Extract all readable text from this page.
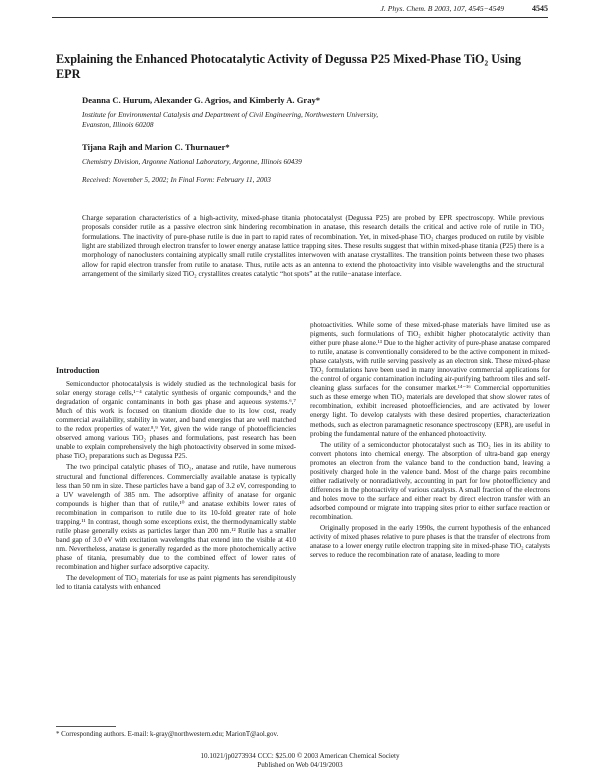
J. Phys. Chem. B 2003, 107, 4545−4549	4545
Explaining the Enhanced Photocatalytic Activity of Degussa P25 Mixed-Phase TiO₂ Using EPR
Deanna C. Hurum, Alexander G. Agrios, and Kimberly A. Gray*
Institute for Environmental Catalysis and Department of Civil Engineering, Northwestern University,
Evanston, Illinois 60208
Tijana Rajh and Marion C. Thurnauer*
Chemistry Division, Argonne National Laboratory, Argonne, Illinois 60439
Received: November 5, 2002; In Final Form: February 11, 2003
Charge separation characteristics of a high-activity, mixed-phase titania photocatalyst (Degussa P25) are probed by EPR spectroscopy. While previous proposals consider rutile as a passive electron sink hindering recombination in anatase, this research details the critical and active role of rutile in TiO₂ formulations. The inactivity of pure-phase rutile is due in part to rapid rates of recombination. Yet, in mixed-phase TiO₂ charges produced on rutile by visible light are stabilized through electron transfer to lower energy anatase lattice trapping sites. These results suggest that within mixed-phase titania (P25) there is a morphology of nanoclusters containing atypically small rutile crystallites interwoven with anatase crystallites. The transition points between these two phases allow for rapid electron transfer from rutile to anatase. Thus, rutile acts as an antenna to extend the photoactivity into visible wavelengths and the structural arrangement of the similarly sized TiO₂ crystallites creates catalytic “hot spots” at the rutile−anatase interface.
Introduction

Semiconductor photocatalysis is widely studied as the technological basis for solar energy storage cells,¹⁻⁴ catalytic synthesis of organic compounds,⁵ and the degradation of organic contaminants in both gas phase and aqueous systems.⁶,⁷ Much of this work is focused on titanium dioxide due to its low cost, ready commercial availability, stability in water, and band energies that are well matched to the redox properties of water.⁸,⁹ Yet, given the wide range of photoefficiencies observed among various TiO₂ phases and formulations, past research has been unable to explain comprehensively the high photoactivity observed in some mixed-phase TiO₂ preparations such as Degussa P25.

The two principal catalytic phases of TiO₂, anatase and rutile, have numerous structural and functional differences. Commercially available anatase is typically less than 50 nm in size. These particles have a band gap of 3.2 eV, corresponding to a UV wavelength of 385 nm. The adsorptive affinity of anatase for organic compounds is higher than that of rutile,¹⁰ and anatase exhibits lower rates of recombination in comparison to rutile due to its 10-fold greater rate of hole trapping.¹¹ In contrast, though some exceptions exist, the thermodynamically stable rutile phase generally exists as particles larger than 200 nm.¹² Rutile has a smaller band gap of 3.0 eV with excitation wavelengths that extend into the visible at 410 nm. Nevertheless, anatase is generally regarded as the more photochemically active phase of titania, presumably due to the combined effect of lower rates of recombination and higher surface adsorptive capacity.

The development of TiO₂ materials for use as paint pigments has serendipitously led to titania catalysts with enhanced

photoactivities. While some of these mixed-phase materials have limited use as pigments, such formulations of TiO₂ exhibit higher photocatalytic activity than either pure phase alone.¹³ Due to the higher activity of pure-phase anatase compared to rutile, anatase is conventionally considered to be the active component in mixed-phase catalysts, with rutile serving passively as an electron sink. These mixed-phase TiO₂ formulations have been used in many innovative commercial applications for the control of organic contamination including air-purifying bathroom tiles and self-cleaning glass surfaces for the consumer market.¹⁴⁻¹⁶ Commercial opportunities such as these emerge when TiO₂ materials are developed that show slower rates of recombination, exhibit increased photoefficiencies, and are activated by lower energy light. To develop catalysts with these desired properties, characterization methods, such as electron paramagnetic resonance spectroscopy (EPR), are useful in probing the fundamental nature of the enhanced photoactivity.

The utility of a semiconductor photocatalyst such as TiO₂ lies in its ability to convert photons into chemical energy. The absorption of ultra-band gap energy promotes an electron from the valance band to the conduction band, leaving a positively charged hole in the valence band. Most of the charge pairs recombine either radiatively or nonradiatively, accounting in part for low photoefficiency and differences in the photoactivity of various catalysts. A small fraction of the electrons and holes move to the surface and either react by direct electron transfer with an adsorbed compound or migrate into trapping sites prior to either surface reaction or recombination.

Originally proposed in the early 1990s, the current hypothesis of the enhanced activity of mixed phases relative to pure phases is that the transfer of electrons from anatase to a lower energy rutile electron trapping site in mixed-phase TiO₂ catalysts serves to reduce the recombination rate of anatase, leading to more

* Corresponding authors. E-mail: k-gray@northwestern.edu; MarionT@aol.gov.
10.1021/jp0273934 CCC: $25.00 © 2003 American Chemical Society
Published on Web 04/19/2003
